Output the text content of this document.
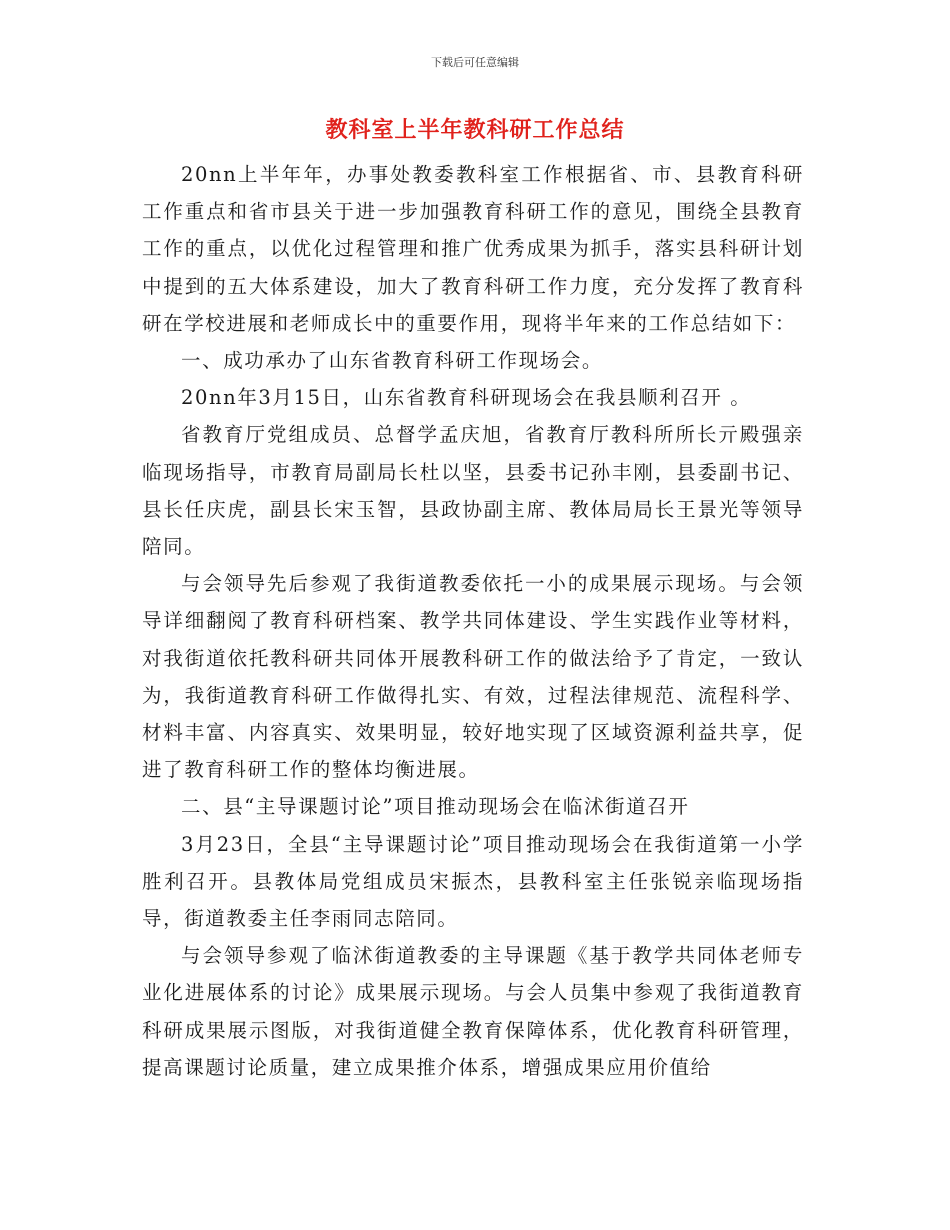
下载后可任意编辑
教科室上半年教科研工作总结

20nn上半年年，办事处教委教科室工作根据省、市、县教育科研工作重点和省市县关于进一步加强教育科研工作的意见，围绕全县教育工作的重点，以优化过程管理和推广优秀成果为抓手，落实县科研计划中提到的五大体系建设，加大了教育科研工作力度，充分发挥了教育科研在学校进展和老师成长中的重要作用，现将半年来的工作总结如下：

一、成功承办了山东省教育科研工作现场会。

20nn年3月15日，山东省教育科研现场会在我县顺利召开 。

省教育厅党组成员、总督学孟庆旭，省教育厅教科所所长亓殿强亲临现场指导，市教育局副局长杜以坚，县委书记孙丰刚，县委副书记、县长任庆虎，副县长宋玉智，县政协副主席、教体局局长王景光等领导陪同。

与会领导先后参观了我街道教委依托一小的成果展示现场。与会领导详细翻阅了教育科研档案、教学共同体建设、学生实践作业等材料，对我街道依托教科研共同体开展教科研工作的做法给予了肯定，一致认为，我街道教育科研工作做得扎实、有效，过程法律规范、流程科学、材料丰富、内容真实、效果明显，较好地实现了区域资源利益共享，促进了教育科研工作的整体均衡进展。

二、县“主导课题讨论”项目推动现场会在临沭街道召开

3月23日，全县“主导课题讨论”项目推动现场会在我街道第一小学胜利召开。县教体局党组成员宋振杰，县教科室主任张锐亲临现场指导，街道教委主任李雨同志陪同。

与会领导参观了临沭街道教委的主导课题《基于教学共同体老师专业化进展体系的讨论》成果展示现场。与会人员集中参观了我街道教育科研成果展示图版，对我街道健全教育保障体系，优化教育科研管理，提高课题讨论质量，建立成果推介体系，增强成果应用价值给
